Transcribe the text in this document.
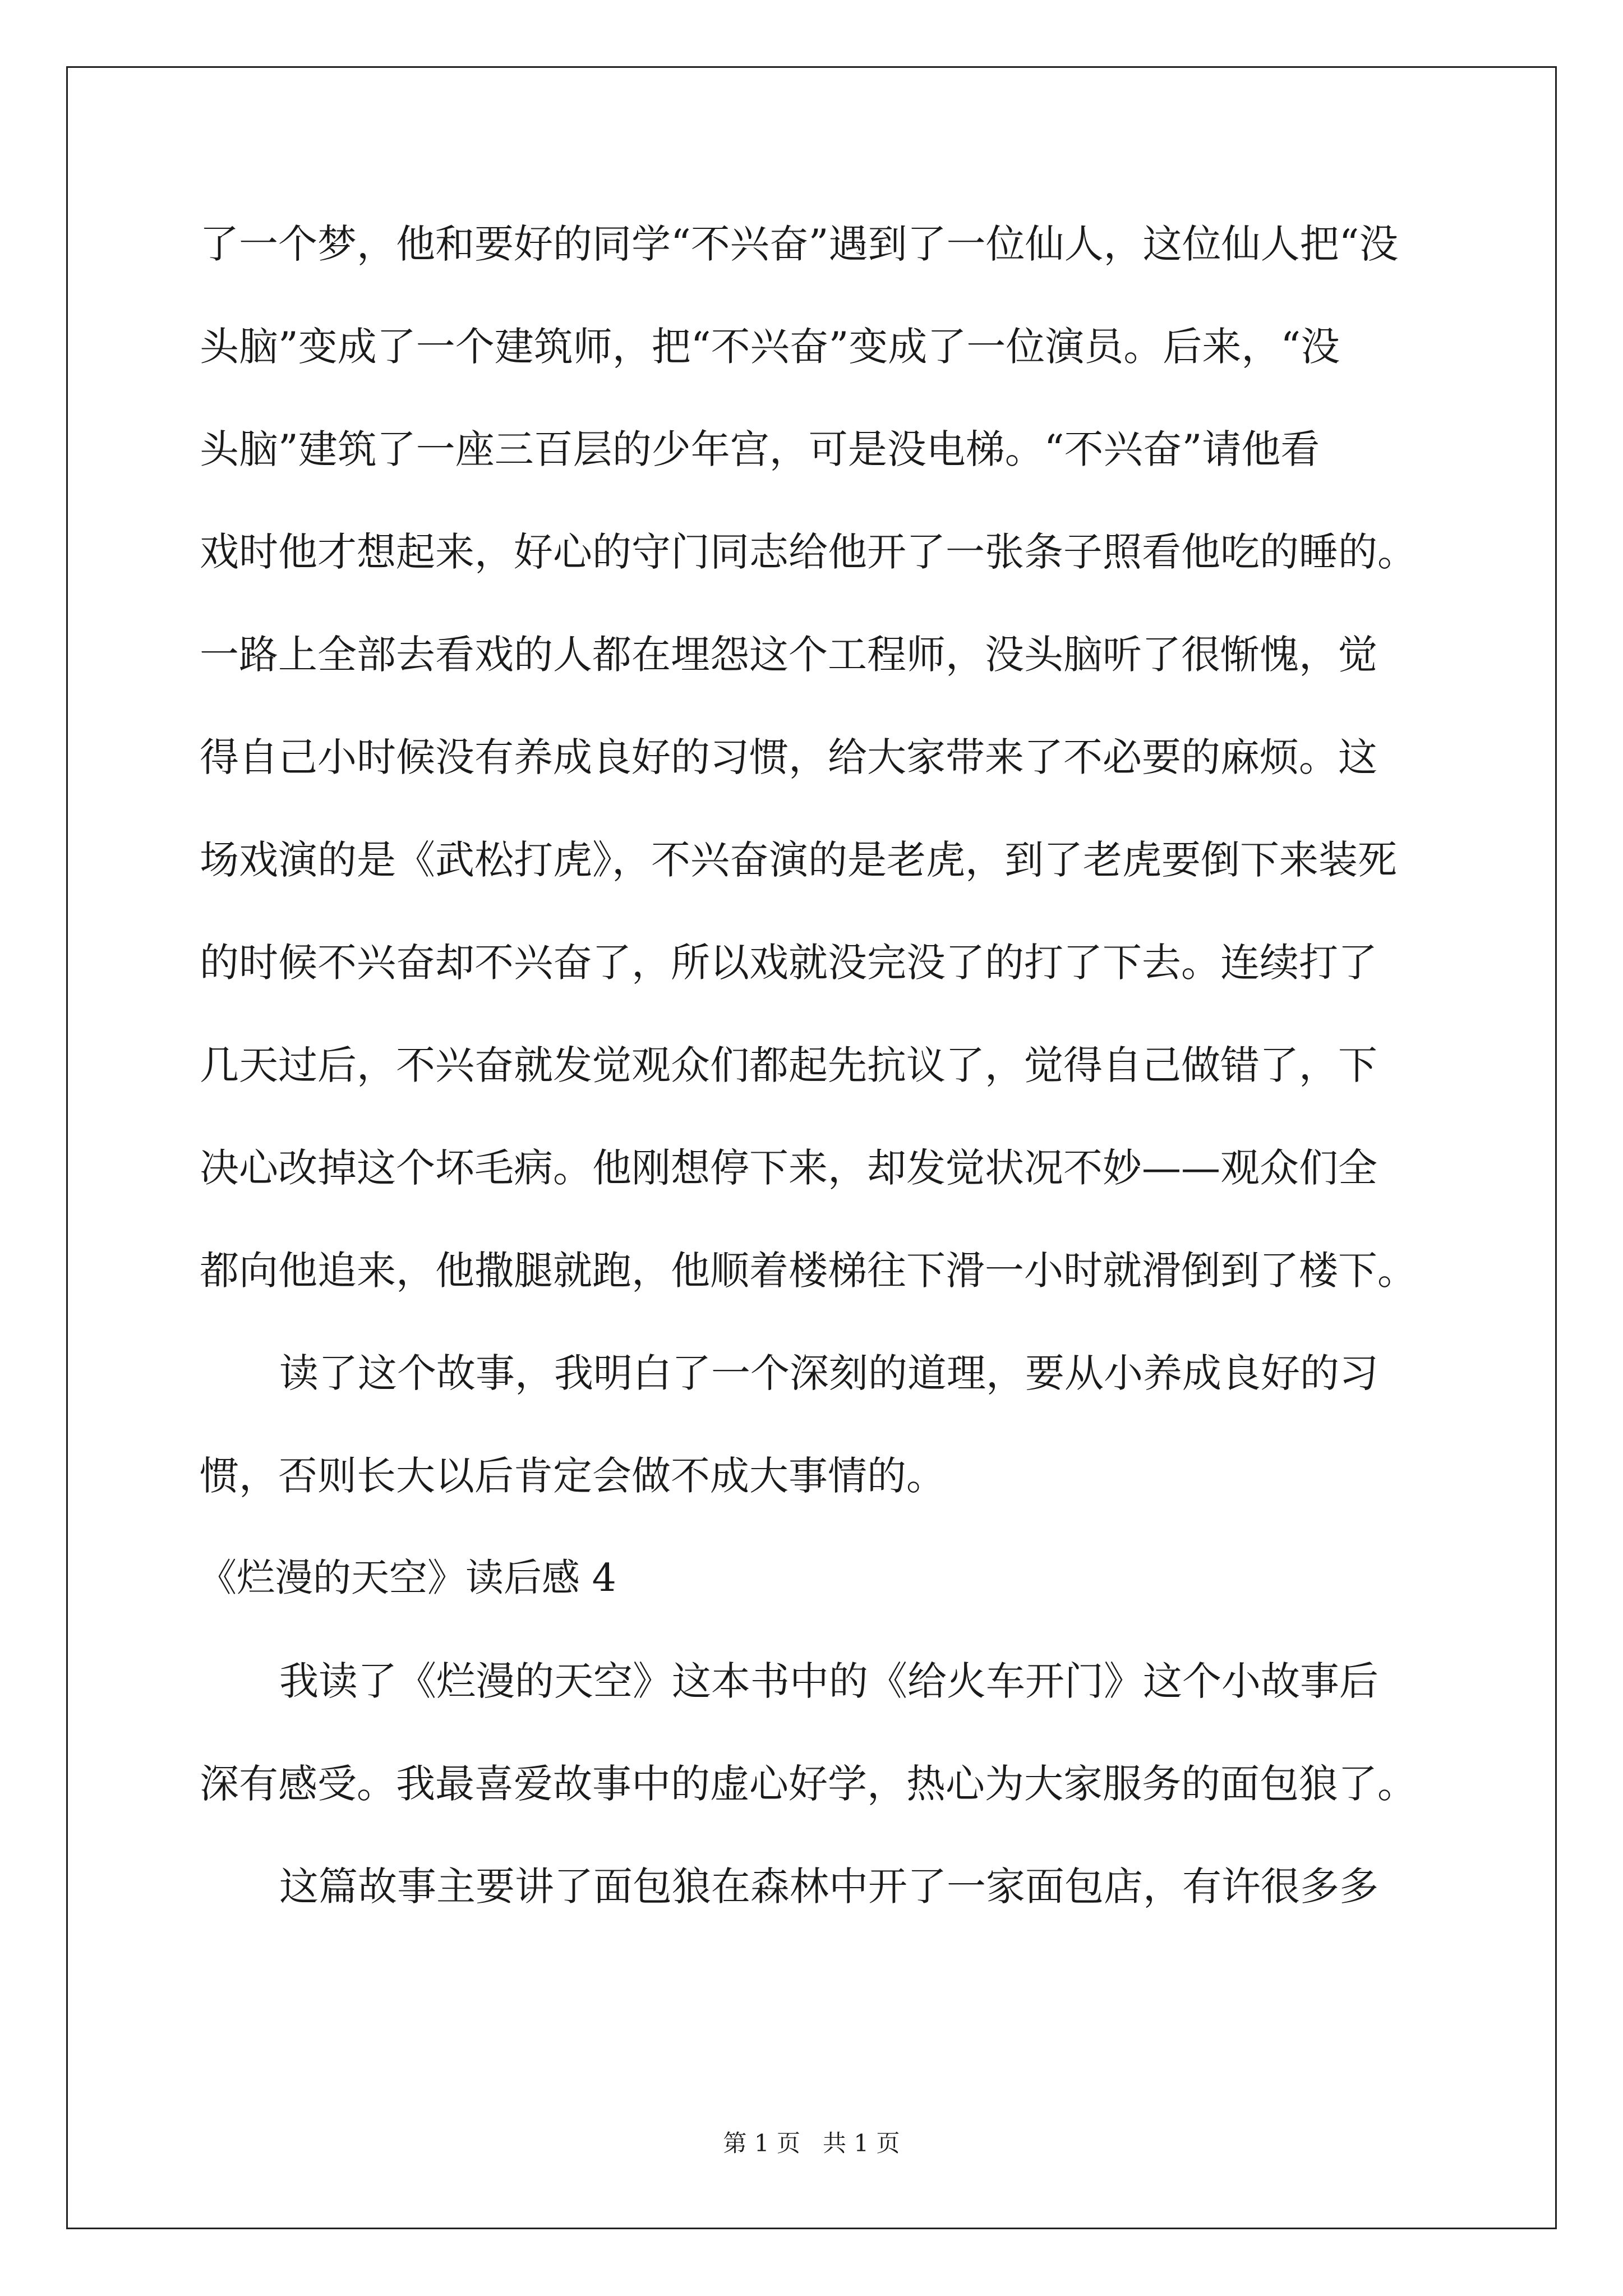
了一个梦，他和要好的同学“不兴奋”遇到了一位仙人，这位仙人把“没

头脑”变成了一个建筑师，把“不兴奋”变成了一位演员。后来，“没

头脑”建筑了一座三百层的少年宫，可是没电梯。“不兴奋”请他看

戏时他才想起来，好心的守门同志给他开了一张条子照看他吃的睡的。

一路上全部去看戏的人都在埋怨这个工程师，没头脑听了很惭愧，觉

得自己小时候没有养成良好的习惯，给大家带来了不必要的麻烦。这

场戏演的是《武松打虎》，不兴奋演的是老虎，到了老虎要倒下来装死

的时候不兴奋却不兴奋了，所以戏就没完没了的打了下去。连续打了

几天过后，不兴奋就发觉观众们都起先抗议了，觉得自己做错了，下

决心改掉这个坏毛病。他刚想停下来，却发觉状况不妙——观众们全

都向他追来，他撒腿就跑，他顺着楼梯往下滑一小时就滑倒到了楼下。

读了这个故事，我明白了一个深刻的道理，要从小养成良好的习

惯，否则长大以后肯定会做不成大事情的。

《烂漫的天空》读后感 4

我读了《烂漫的天空》这本书中的《给火车开门》这个小故事后

深有感受。我最喜爱故事中的虚心好学，热心为大家服务的面包狼了。

这篇故事主要讲了面包狼在森林中开了一家面包店，有许很多多

第 1 页   共 1 页
